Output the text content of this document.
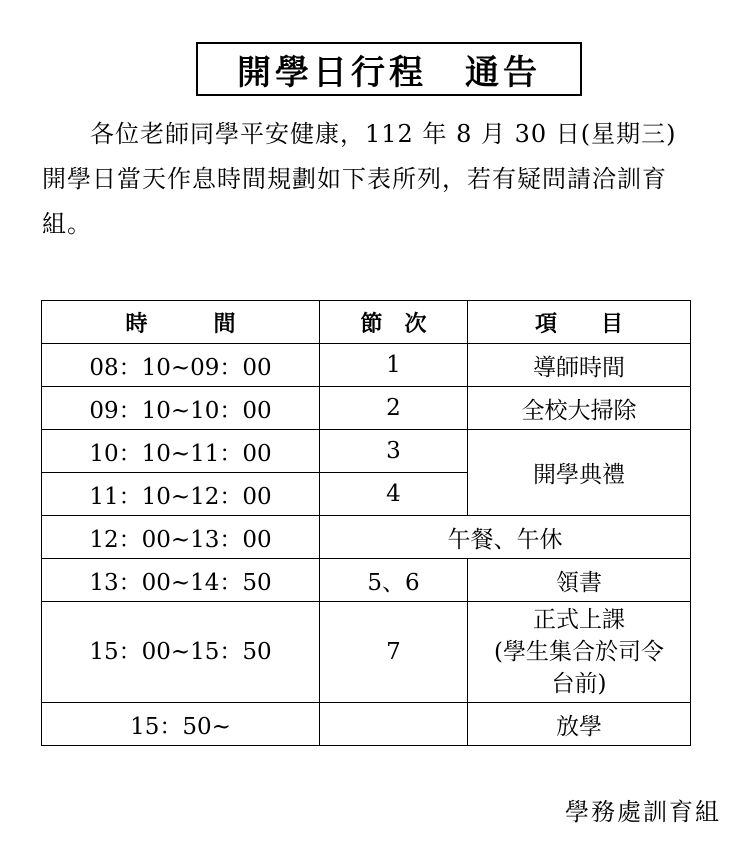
開學日行程　通告
各位老師同學平安健康，112 年 8 月 30 日(星期三)開學日當天作息時間規劃如下表所列，若有疑問請洽訓育組。
時　　　間	節　次	項　　目
08：10~09：00	1	導師時間
09：10~10：00	2	全校大掃除
10：10~11：00	3	開學典禮
11：10~12：00	4	
12：00~13：00	午餐、午休	
13：00~14：50	5、6	領書
15：00~15：50	7	正式上課
(學生集合於司令
台前)

15：50~		放學
學務處訓育組
